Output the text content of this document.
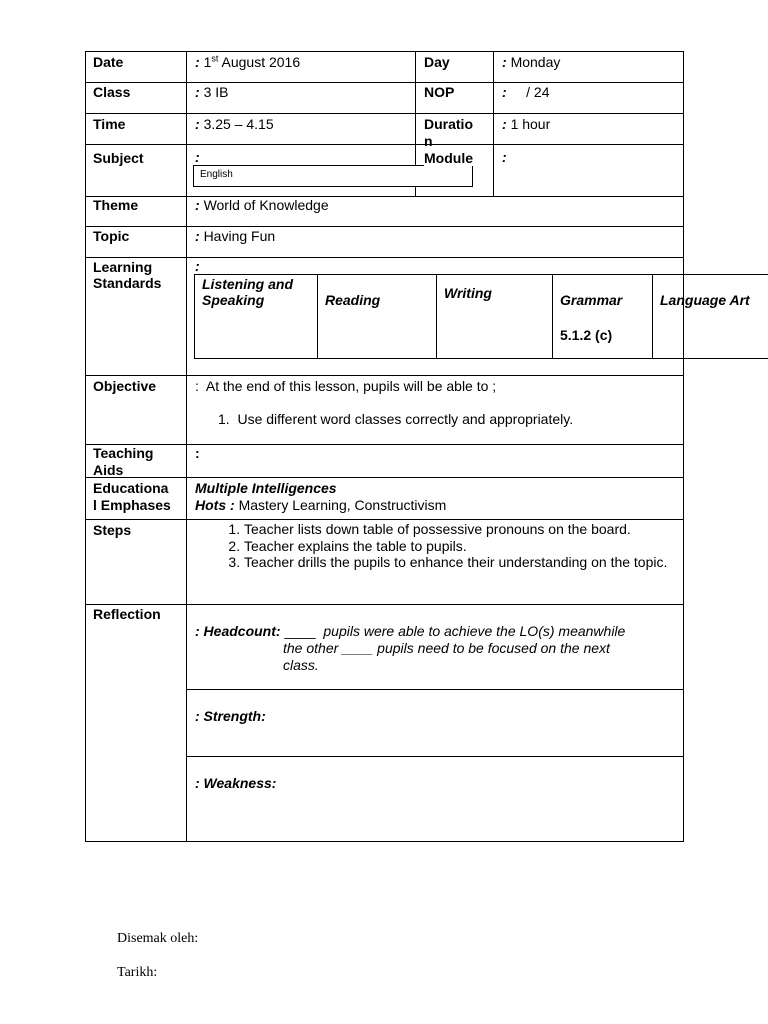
Date	: 1st August 2016	Day	: Monday
Class	: 3 IB	NOP	: / 24
Time	: 3.25 – 4.15	Duratio
n
: 1 hour
Subject	:
English
Module :
Theme	: World of Knowledge
Topic	: Having Fun
Learning
Standards
:
Listening and
Speaking	Reading	Writing	Grammar
5.1.2 (c)
Language Art
Objective	:  At the end of this lesson, pupils will be able to ;
1.  Use different word classes correctly and appropriately.
Teaching
Aids
:
Educationa
l Emphases
Multiple Intelligences
Hots : Mastery Learning, Constructivism
Steps
1.	Teacher lists down table of possessive pronouns on the board.
2. Teacher explains the table to pupils.
3. Teacher drills the pupils to enhance their understanding on the topic.
Reflection
: Headcount: ____ pupils were able to achieve the LO(s) meanwhile
the other ____ pupils need to be focused on the next
class.
: Strength:
: Weakness:
Disemak oleh:
Tarikh:
